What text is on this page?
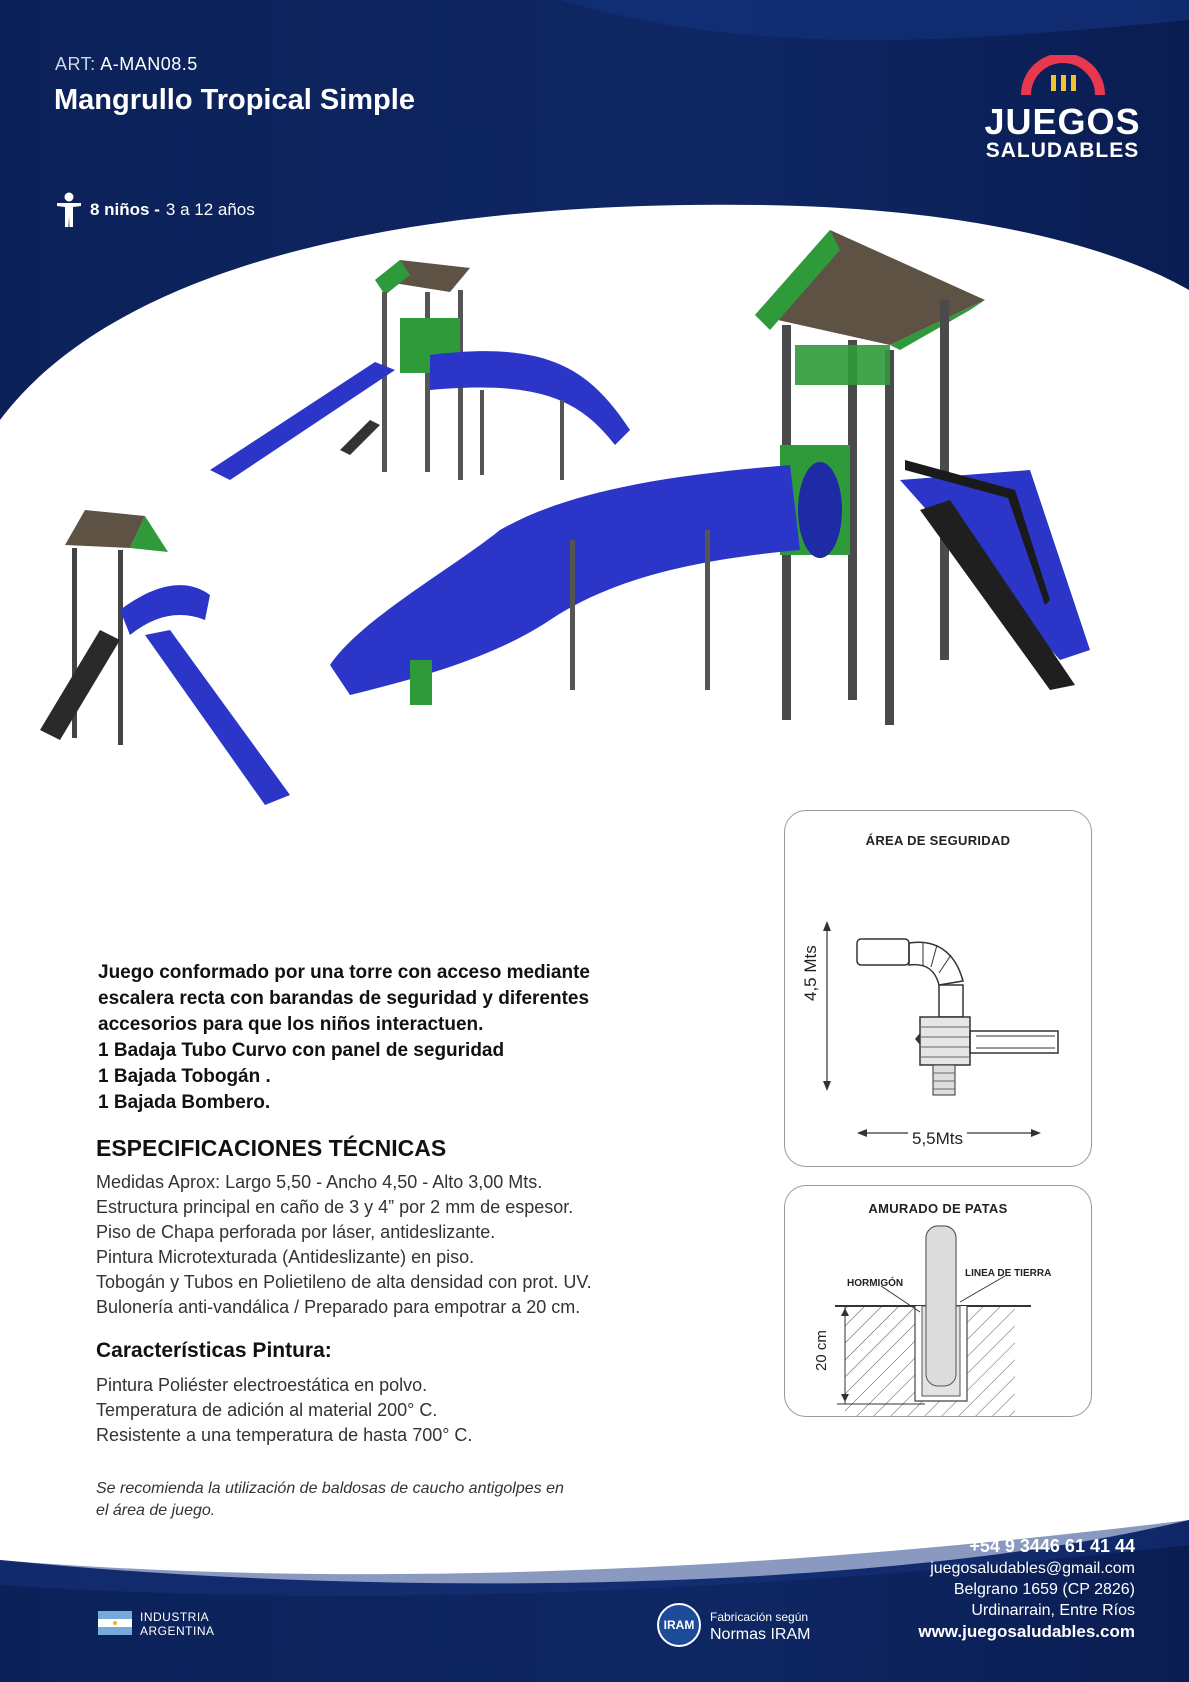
ART: A-MAN08.5
Mangrullo Tropical Simple
8 niños - 3 a 12 años
JUEGOS
SALUDABLES
Juego conformado por una torre con acceso mediante
escalera recta con barandas de seguridad y diferentes
accesorios para que los niños interactuen.
1 Badaja Tubo Curvo con panel de seguridad
1 Bajada Tobogán .
1 Bajada Bombero.
ESPECIFICACIONES TÉCNICAS
Medidas Aprox: Largo 5,50 - Ancho 4,50 - Alto 3,00 Mts.
Estructura principal en caño de 3 y 4” por 2 mm de espesor.
Piso de Chapa perforada por láser, antideslizante.
Pintura Microtexturada (Antideslizante) en piso.
Tobogán y Tubos en Polietileno de alta densidad con prot. UV.
Bulonería anti-vandálica / Preparado para empotrar a 20 cm.
Características Pintura:
Pintura Poliéster electroestática en polvo.
Temperatura de adición al material 200° C.
Resistente a una temperatura de hasta 700° C.
Se recomienda la utilización de baldosas de caucho antigolpes en el área de juego.
ÁREA DE SEGURIDAD
4,5 Mts
5,5Mts
AMURADO DE PATAS
HORMIGÓN
LINEA DE TIERRA
20 cm
+54 9 3446 61 41 44
juegosaludables@gmail.com
Belgrano 1659 (CP 2826)
Urdinarrain, Entre Ríos
www.juegosaludables.com
INDUSTRIA
ARGENTINA	IRAM
Fabricación según
Normas IRAM
